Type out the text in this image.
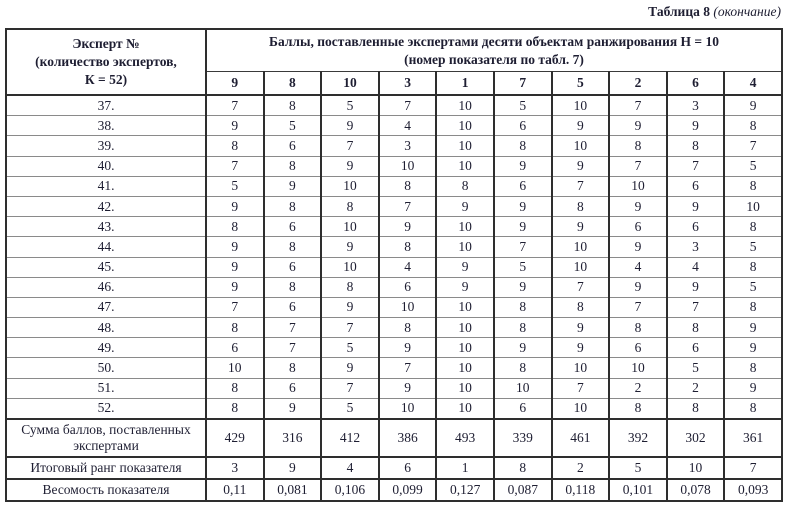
Таблица 8 (окончание)
Эксперт №
(количество экспертов,
К = 52)

Баллы, поставленные экспертами десяти объектам ранжирования Н = 10
(номер показателя по табл. 7)

	9	8	10	3	1	7	5	2	6	4
37.	7	8	5	7	10	5	10	7	3	9
38.	9	5	9	4	10	6	9	9	9	8
39.	8	6	7	3	10	8	10	8	8	7
40.	7	8	9	10	10	9	9	7	7	5
41.	5	9	10	8	8	6	7	10	6	8
42.	9	8	8	7	9	9	8	9	9	10
43.	8	6	10	9	10	9	9	6	6	8
44.	9	8	9	8	10	7	10	9	3	5
45.	9	6	10	4	9	5	10	4	4	8
46.	9	8	8	6	9	9	7	9	9	5
47.	7	6	9	10	10	8	8	7	7	8
48.	8	7	7	8	10	8	9	8	8	9
49.	6	7	5	9	10	9	9	6	6	9
50.	10	8	9	7	10	8	10	10	5	8
51.	8	6	7	9	10	10	7	2	2	9
52.	8	9	5	10	10	6	10	8	8	8
Сумма баллов, поставленных экспертами	429	316	412	386	493	339	461	392	302	361
Итоговый ранг показателя	3	9	4	6	1	8	2	5	10	7
Весомость показателя	0,11	0,081	0,106	0,099	0,127	0,087	0,118	0,101	0,078	0,093
